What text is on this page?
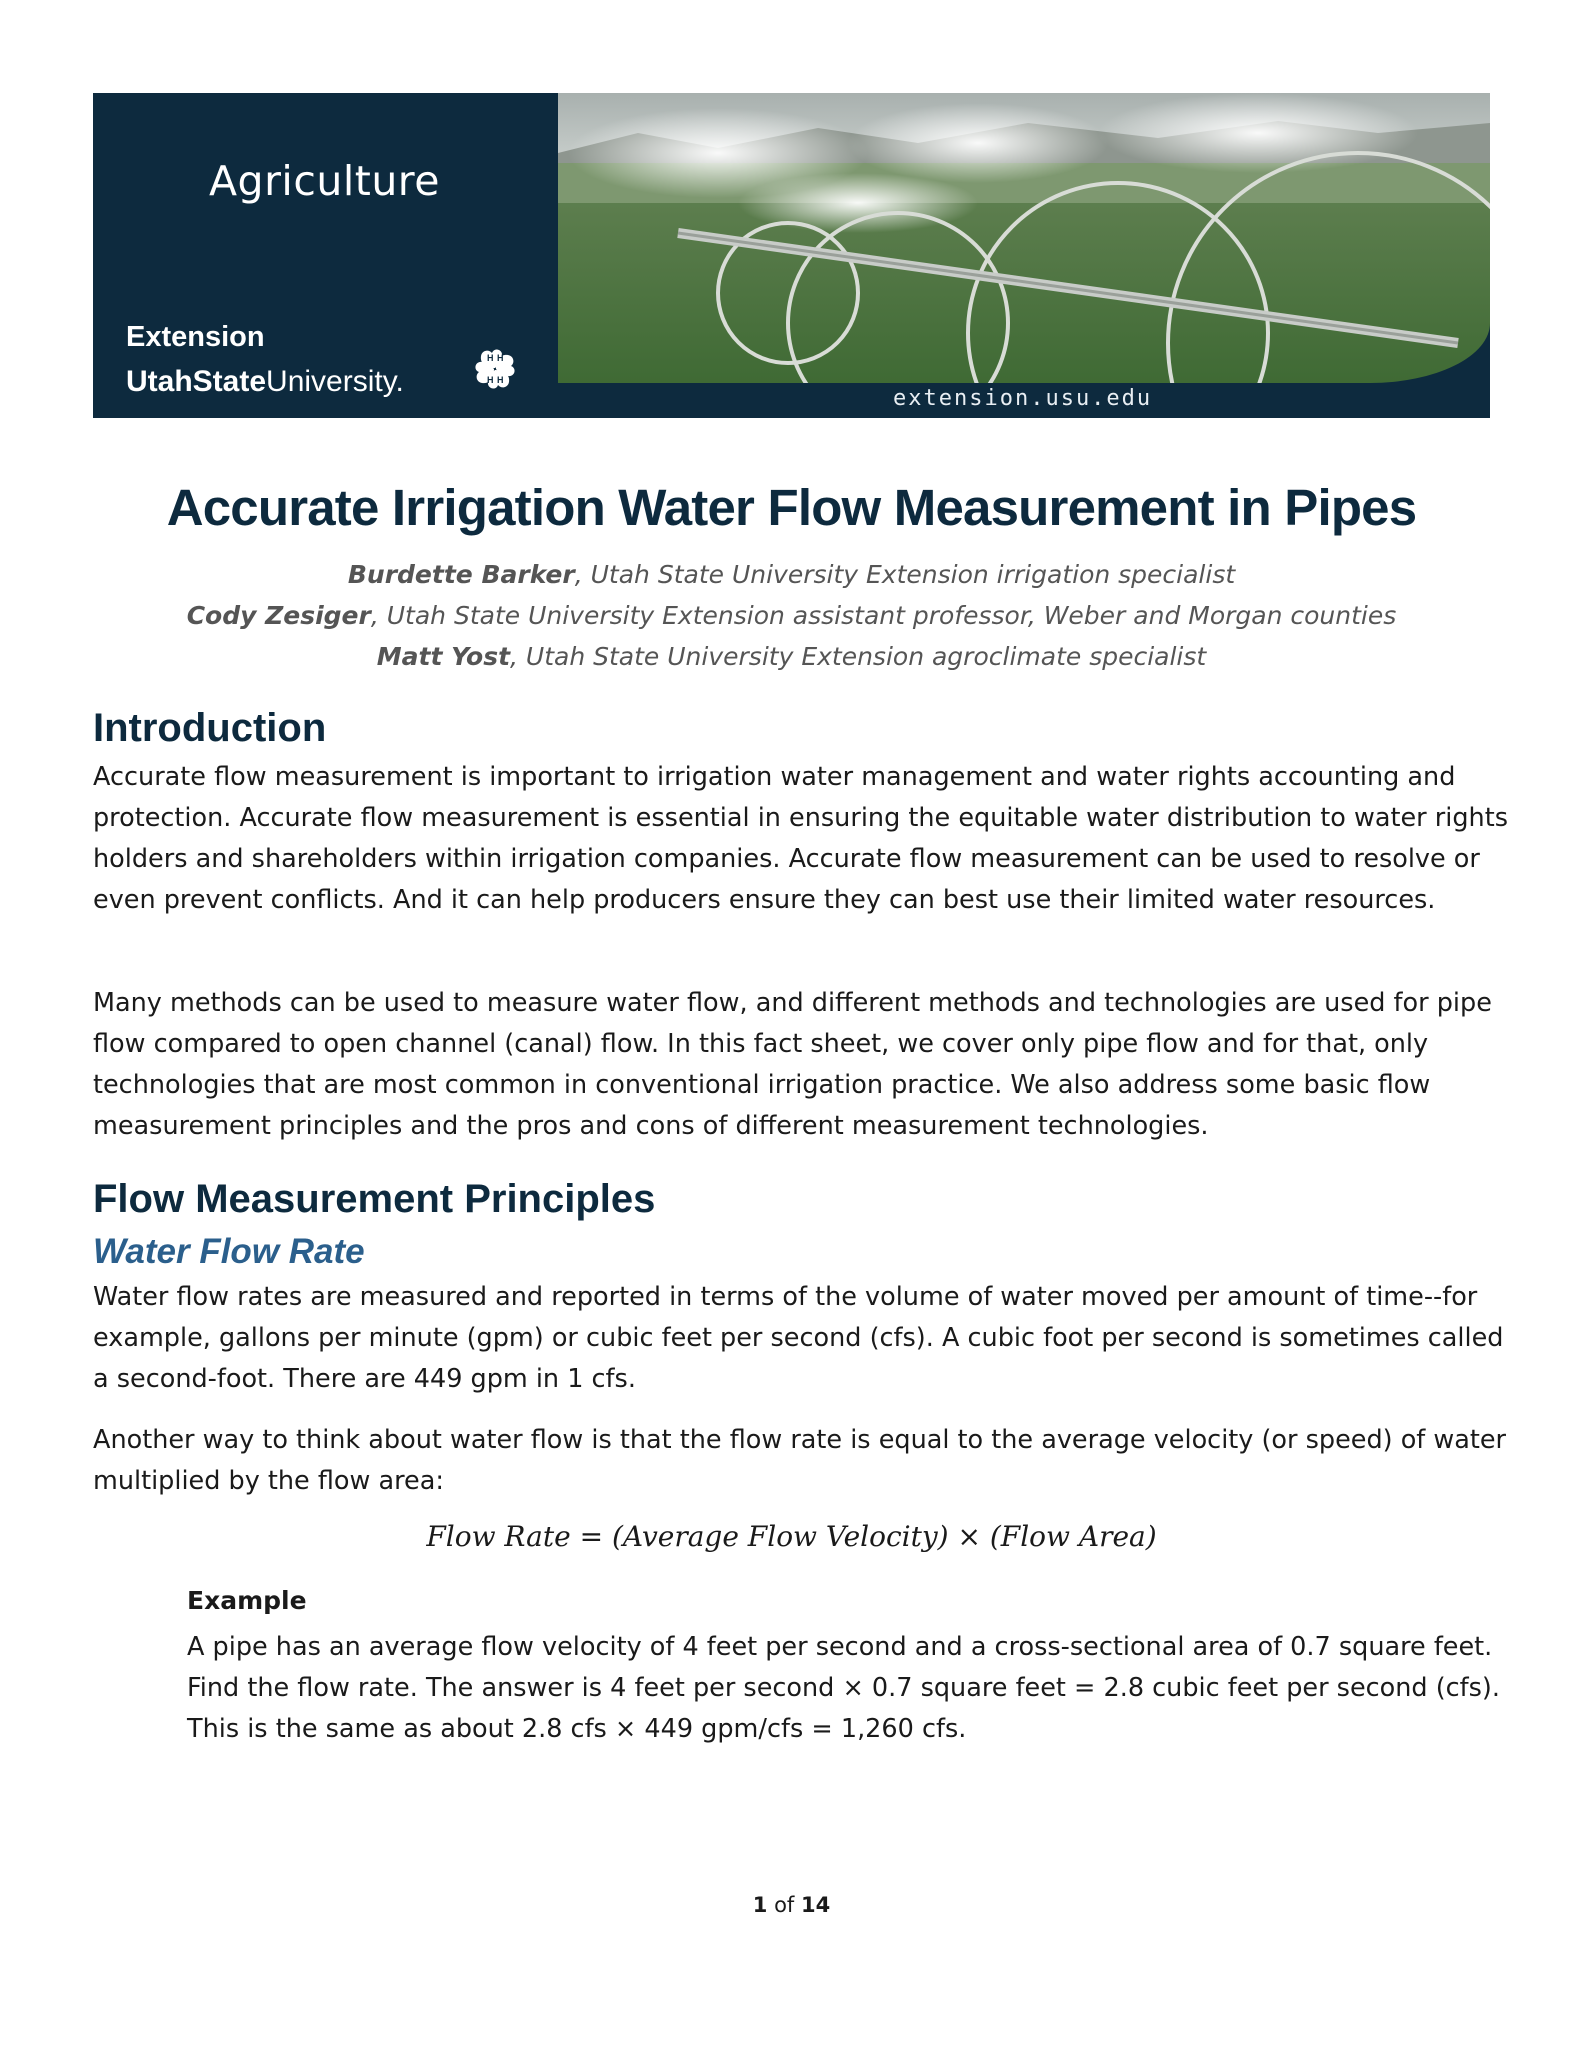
Agriculture
Extension
UtahStateUniversity.
H H
H H
extension.usu.edu
Accurate Irrigation Water Flow Measurement in Pipes
Burdette Barker, Utah State University Extension irrigation specialist
Cody Zesiger, Utah State University Extension assistant professor, Weber and Morgan counties
Matt Yost, Utah State University Extension agroclimate specialist
Introduction

Accurate flow measurement is important to irrigation water management and water rights accounting and protection. Accurate flow measurement is essential in ensuring the equitable water distribution to water rights holders and shareholders within irrigation companies. Accurate flow measurement can be used to resolve or even prevent conflicts. And it can help producers ensure they can best use their limited water resources.

Many methods can be used to measure water flow, and different methods and technologies are used for pipe flow compared to open channel (canal) flow. In this fact sheet, we cover only pipe flow and for that, only technologies that are most common in conventional irrigation practice. We also address some basic flow measurement principles and the pros and cons of different measurement technologies.

Flow Measurement Principles
Water Flow Rate

Water flow rates are measured and reported in terms of the volume of water moved per amount of time--for example, gallons per minute (gpm) or cubic feet per second (cfs). A cubic foot per second is sometimes called a second-foot. There are 449 gpm in 1 cfs.

Another way to think about water flow is that the flow rate is equal to the average velocity (or speed) of water multiplied by the flow area:

Flow Rate = (Average Flow Velocity) × (Flow Area)
Example

A pipe has an average flow velocity of 4 feet per second and a cross-sectional area of 0.7 square feet. Find the flow rate. The answer is 4 feet per second × 0.7 square feet = 2.8 cubic feet per second (cfs). This is the same as about 2.8 cfs × 449 gpm/cfs = 1,260 cfs.

1 of 14
